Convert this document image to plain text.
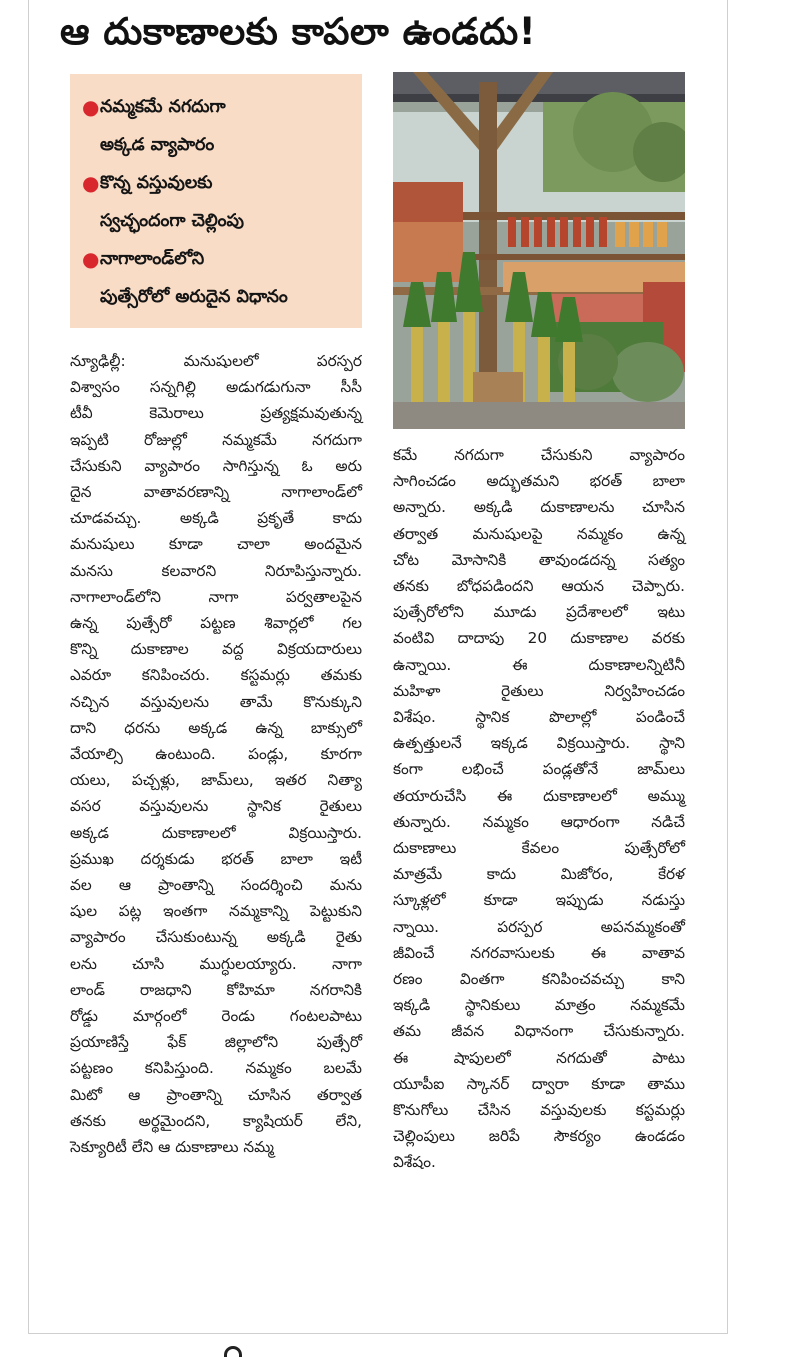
ఆ దుకాణాలకు కాపలా ఉండదు!
● నమ్మకమే నగదుగా
అక్కడ వ్యాపారం
● కొన్న వస్తువులకు
స్వచ్ఛందంగా చెల్లింపు
● నాగాలాండ్‌లోని
పుత్సేరోలో అరుదైన విధానం
న్యూఢిల్లీ: మనుషులలో పరస్పర
విశ్వాసం సన్నగిల్లి అడుగడుగునా సీసీ
టీవీ కెమెరాలు ప్రత్యక్షమవుతున్న
ఇప్పటి రోజుల్లో నమ్మకమే నగదుగా
చేసుకుని వ్యాపారం సాగిస్తున్న ఓ అరు
దైన వాతావరణాన్ని నాగాలాండ్‌లో
చూడవచ్చు. అక్కడి ప్రకృతే కాదు
మనుషులు కూడా చాలా అందమైన
మనసు కలవారని నిరూపిస్తున్నారు.
నాగాలాండ్‌లోని నాగా పర్వతాలపైన
ఉన్న పుత్సేరో పట్టణ శివార్లలో గల
కొన్ని దుకాణాల వద్ద విక్రయదారులు
ఎవరూ కనిపించరు. కస్టమర్లు తమకు
నచ్చిన వస్తువులను తామే కొనుక్కుని
దాని ధరను అక్కడ ఉన్న బాక్సులో
వేయాల్సి ఉంటుంది. పండ్లు, కూరగా
యలు, పచ్చళ్లు, జామ్‌లు, ఇతర నిత్యా
వసర వస్తువులను స్థానిక రైతులు
అక్కడ దుకాణాలలో విక్రయిస్తారు.
ప్రముఖ దర్శకుడు భరత్ బాలా ఇటీ
వల ఆ ప్రాంతాన్ని సందర్శించి మను
షుల పట్ల ఇంతగా నమ్మకాన్ని పెట్టుకుని
వ్యాపారం చేసుకుంటున్న అక్కడి రైతు
లను చూసి ముగ్ధులయ్యారు. నాగా
లాండ్ రాజధాని కోహిమా నగరానికి
రోడ్డు మార్గంలో రెండు గంటలపాటు
ప్రయాణిస్తే ఫేక్ జిల్లాలోని పుత్సేరో
పట్టణం కనిపిస్తుంది. నమ్మకం బలమే
మిటో ఆ ప్రాంతాన్ని చూసిన తర్వాత
తనకు అర్థమైందని, క్యాషియర్ లేని,
సెక్యూరిటీ లేని ఆ దుకాణాలు నమ్మ
కమే నగదుగా చేసుకుని వ్యాపారం
సాగించడం అద్భుతమని భరత్ బాలా
అన్నారు. అక్కడి దుకాణాలను చూసిన
తర్వాత మనుషులపై నమ్మకం ఉన్న
చోట మోసానికి తావుండదన్న సత్యం
తనకు బోధపడిందని ఆయన చెప్పారు.
పుత్సేరోలోని మూడు ప్రదేశాలలో ఇటు
వంటివి దాదాపు 20 దుకాణాల వరకు
ఉన్నాయి. ఈ దుకాణాలన్నిటినీ
మహిళా రైతులు నిర్వహించడం
విశేషం. స్థానిక పొలాల్లో పండించే
ఉత్పత్తులనే ఇక్కడ విక్రయిస్తారు. స్థాని
కంగా లభించే పండ్లతోనే జామ్‌లు
తయారుచేసి ఈ దుకాణాలలో అమ్ము
తున్నారు. నమ్మకం ఆధారంగా నడిచే
దుకాణాలు కేవలం పుత్సేరోలో
మాత్రమే కాదు మిజోరం, కేరళ
స్కూళ్లలో కూడా ఇప్పుడు నడుస్తు
న్నాయి. పరస్పర అపనమ్మకంతో
జీవించే నగరవాసులకు ఈ వాతావ
రణం వింతగా కనిపించవచ్చు కాని
ఇక్కడి స్థానికులు మాత్రం నమ్మకమే
తమ జీవన విధానంగా చేసుకున్నారు.
ఈ షాపులలో నగదుతో పాటు
యూపీఐ స్కానర్ ద్వారా కూడా తాము
కొనుగోలు చేసిన వస్తువులకు కస్టమర్లు
చెల్లింపులు జరిపే సౌకర్యం ఉండడం
విశేషం.
